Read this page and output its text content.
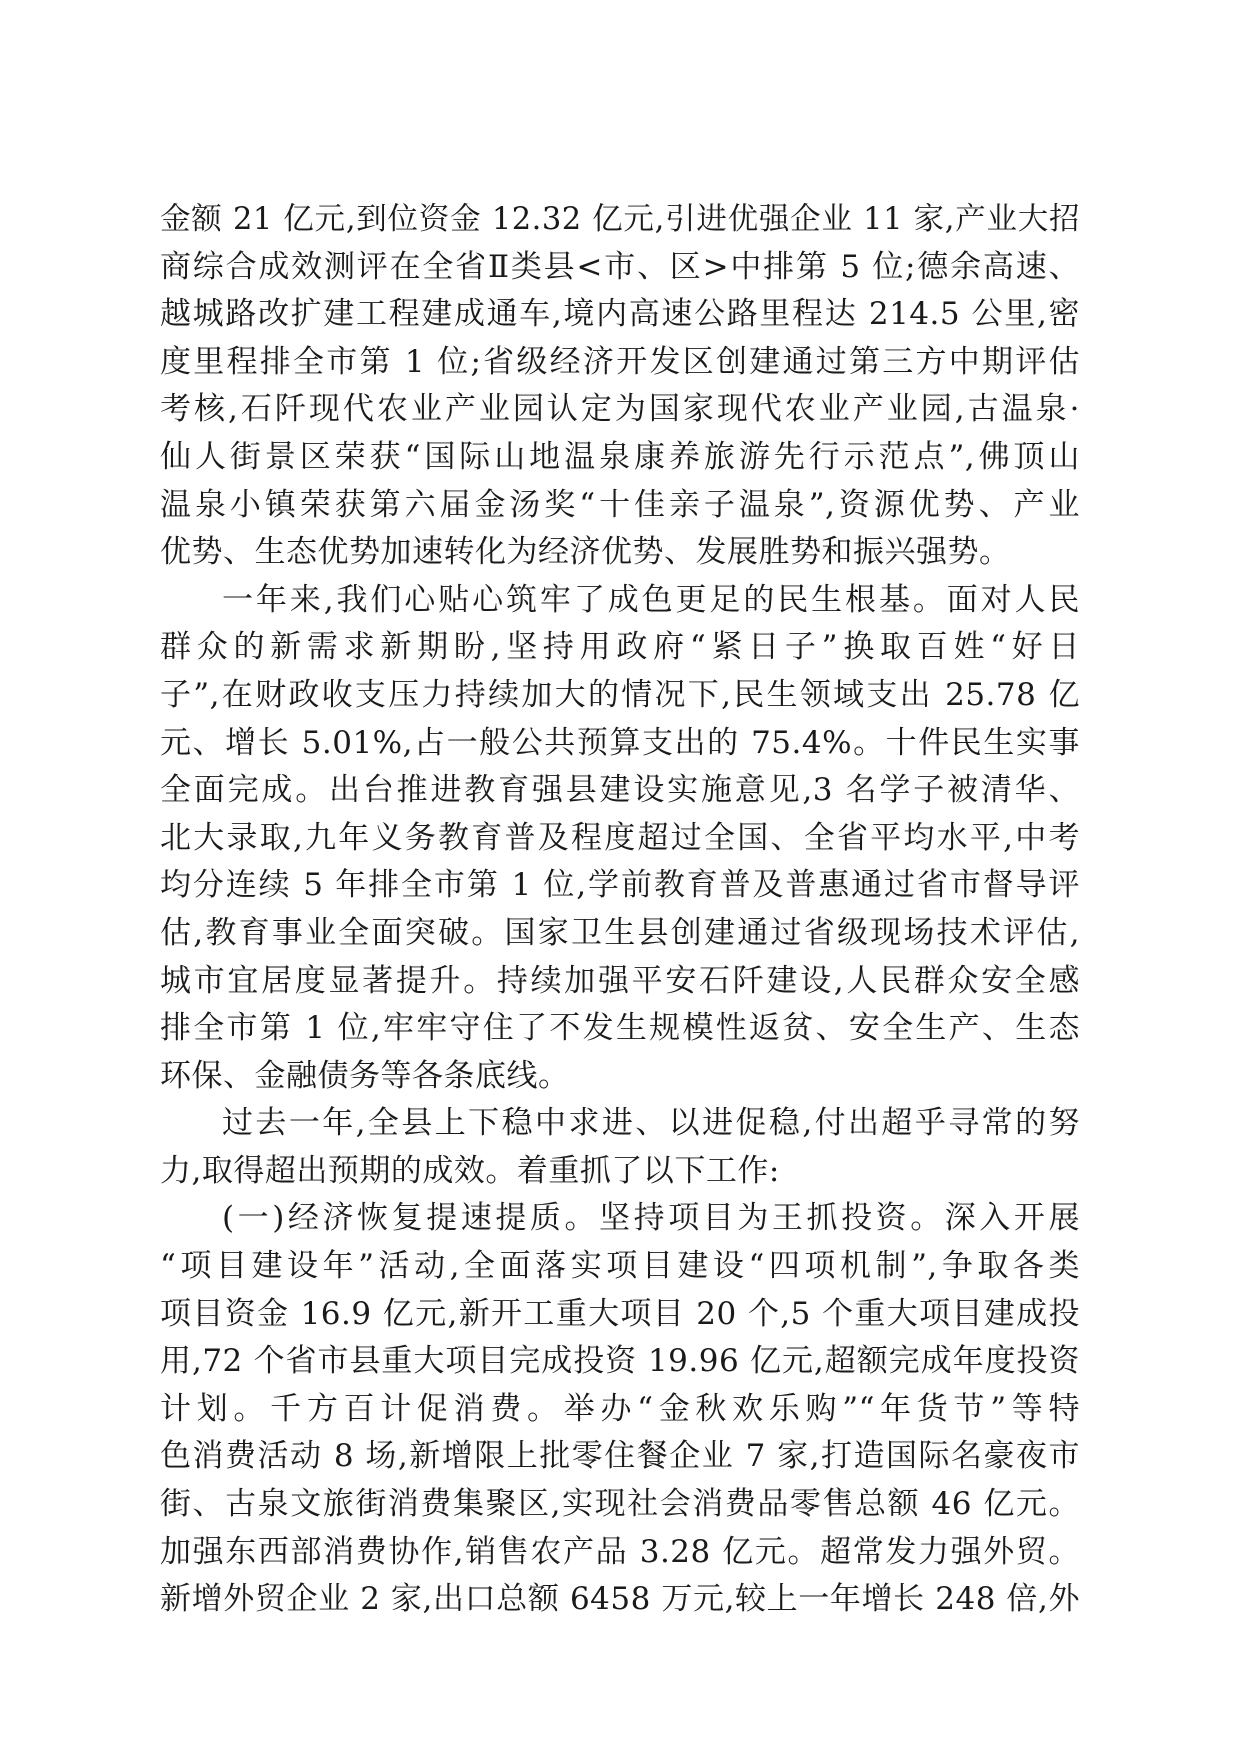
金额 21 亿元,到位资金 12.32 亿元,引进优强企业 11 家,产业大招
商综合成效测评在全省Ⅱ类县<市、区>中排第 5 位;德余高速、
越城路改扩建工程建成通车,境内高速公路里程达 214.5 公里,密
度里程排全市第 1 位;省级经济开发区创建通过第三方中期评估
考核,石阡现代农业产业园认定为国家现代农业产业园,古温泉·
仙人街景区荣获“国际山地温泉康养旅游先行示范点”,佛顶山
温泉小镇荣获第六届金汤奖“十佳亲子温泉”,资源优势、产业
优势、生态优势加速转化为经济优势、发展胜势和振兴强势。
一年来,我们心贴心筑牢了成色更足的民生根基。面对人民
群众的新需求新期盼,坚持用政府“紧日子”换取百姓“好日
子”,在财政收支压力持续加大的情况下,民生领域支出 25.78 亿
元、增长 5.01%,占一般公共预算支出的 75.4%。十件民生实事
全面完成。出台推进教育强县建设实施意见,3 名学子被清华、
北大录取,九年义务教育普及程度超过全国、全省平均水平,中考
均分连续 5 年排全市第 1 位,学前教育普及普惠通过省市督导评
估,教育事业全面突破。国家卫生县创建通过省级现场技术评估,
城市宜居度显著提升。持续加强平安石阡建设,人民群众安全感
排全市第 1 位,牢牢守住了不发生规模性返贫、安全生产、生态
环保、金融债务等各条底线。
过去一年,全县上下稳中求进、以进促稳,付出超乎寻常的努
力,取得超出预期的成效。着重抓了以下工作:
(一)经济恢复提速提质。坚持项目为王抓投资。深入开展
“项目建设年”活动,全面落实项目建设“四项机制”,争取各类
项目资金 16.9 亿元,新开工重大项目 20 个,5 个重大项目建成投
用,72 个省市县重大项目完成投资 19.96 亿元,超额完成年度投资
计划。千方百计促消费。举办“金秋欢乐购”“年货节”等特
色消费活动 8 场,新增限上批零住餐企业 7 家,打造国际名豪夜市
街、古泉文旅街消费集聚区,实现社会消费品零售总额 46 亿元。
加强东西部消费协作,销售农产品 3.28 亿元。超常发力强外贸。
新增外贸企业 2 家,出口总额 6458 万元,较上一年增长 248 倍,外
